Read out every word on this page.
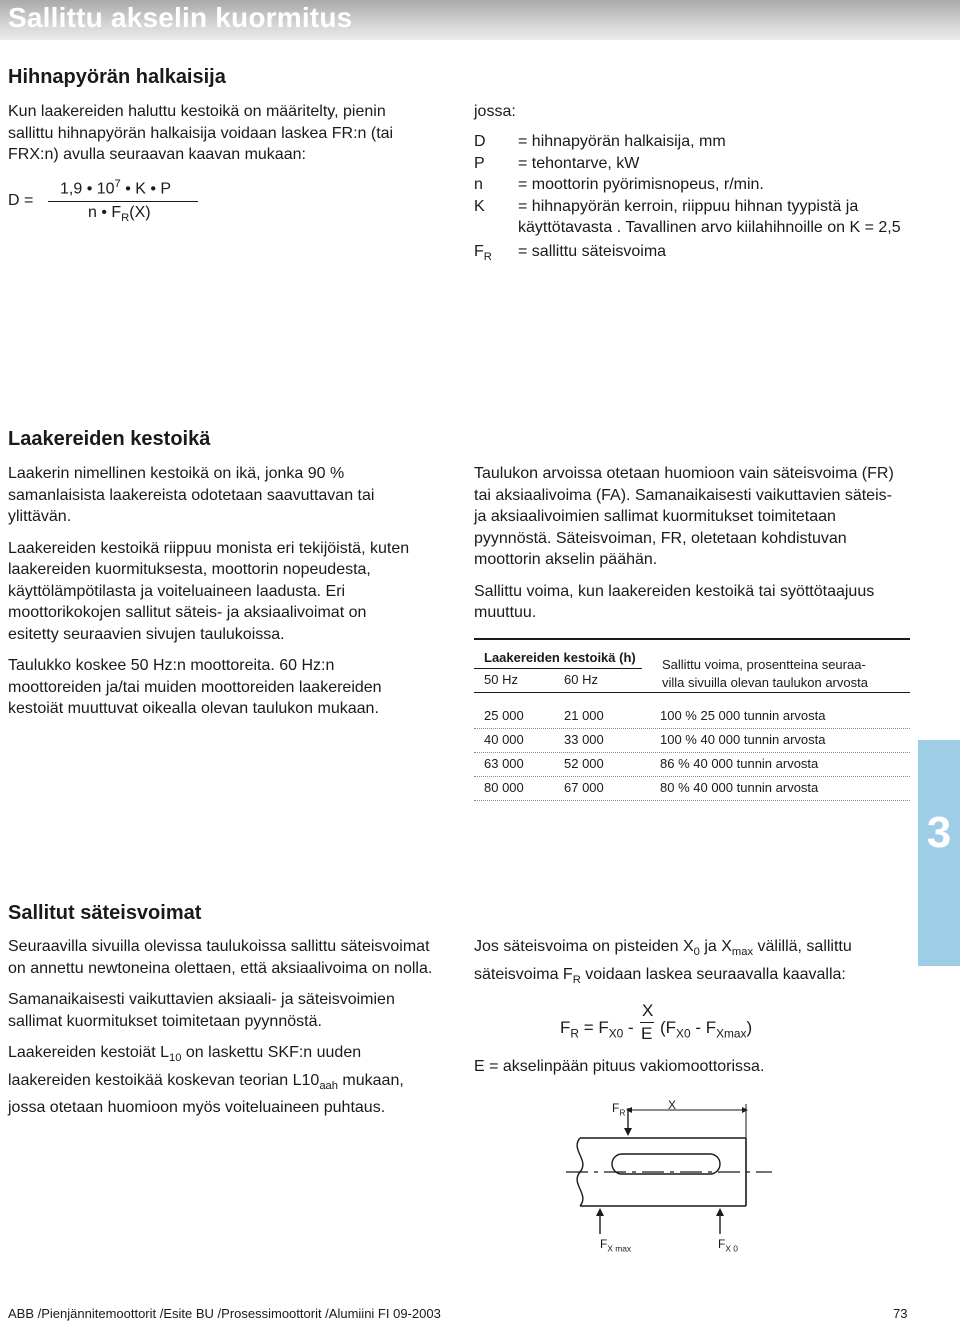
Sallittu akselin kuormitus
Hihnapyörän halkaisija
Kun laakereiden haluttu kestoikä on määritelty, pienin sallittu hihnapyörän halkaisija voidaan laskea FR:n (tai FRX:n) avulla seuraavan kaavan mukaan:
D =
1,9 • $10^7$ • K • P
n • $F_R(X)$
jossa:
D	= hihnapyörän halkaisija, mm
P	= tehontarve, kW
n	= moottorin pyörimisnopeus, r/min.
K	= hihnapyörän kerroin, riippuu hihnan tyypistä ja käyttötavasta . Tavallinen arvo kiilahihnoille on K = 2,5
$F_R$	= sallittu säteisvoima
Laakereiden kestoikä

Laakerin nimellinen kestoikä on ikä, jonka 90 % samanlaisista laakereista odotetaan saavuttavan tai ylittävän.

Laakereiden kestoikä riippuu monista eri tekijöistä, kuten laakereiden kuormituksesta, moottorin nopeudesta, käyttölämpötilasta ja voiteluaineen laadusta. Eri moottorikokojen sallitut säteis- ja aksiaalivoimat on esitetty seuraavien sivujen taulukoissa.

Taulukko koskee 50 Hz:n moottoreita. 60 Hz:n moottoreiden ja/tai muiden moottoreiden laakereiden kestoiät muuttuvat oikealla olevan taulukon mukaan.

Taulukon arvoissa otetaan huomioon vain säteisvoima (FR) tai aksiaalivoima (FA). Samanaikaisesti vaikuttavien säteis- ja aksiaalivoimien sallimat kuormitukset toimitetaan pyynnöstä. Säteisvoiman, FR, oletetaan kohdistuvan moottorin akselin päähän.

Sallittu voima, kun laakereiden kestoikä tai syöttötaajuus muuttuu.

Laakereiden kestoikä (h)
50 Hz	60 Hz
Sallittu voima, prosentteina seuraa-
villa sivuilla olevan taulukon arvosta
25 000	21 000	100 % 25 000 tunnin arvosta
40 000	33 000	100 % 40 000 tunnin arvosta
63 000	52 000	86 % 40 000 tunnin arvosta
80 000	67 000	80 % 40 000 tunnin arvosta
3
Sallitut säteisvoimat

Seuraavilla sivuilla olevissa taulukoissa sallittu säteisvoimat on annettu newtoneina olettaen, että aksiaalivoima on nolla.

Samanaikaisesti vaikuttavien aksiaali- ja säteisvoimien sallimat kuormitukset toimitetaan pyynnöstä.

Laakereiden kestoiät $L_{10}$ on laskettu SKF:n uuden laakereiden kestoikää koskevan teorian $L10_{aah}$ mukaan, jossa otetaan huomioon myös voiteluaineen puhtaus.

Jos säteisvoima on pisteiden $X_0$ ja $X_{max}$ välillä, sallittu säteisvoima $F_R$ voidaan laskea seuraavalla kaavalla:
$F_R = F_{X0}$ -
X
E $(F_{X0} - F_{Xmax})$
E = akselinpään pituus vakiomoottorissa.
$F_R$
X
$F_{X max}$	$F_{X 0}$
ABB /Pienjännitemoottorit /Esite BU /Prosessimoottorit /Alumiini FI 09-2003	73
